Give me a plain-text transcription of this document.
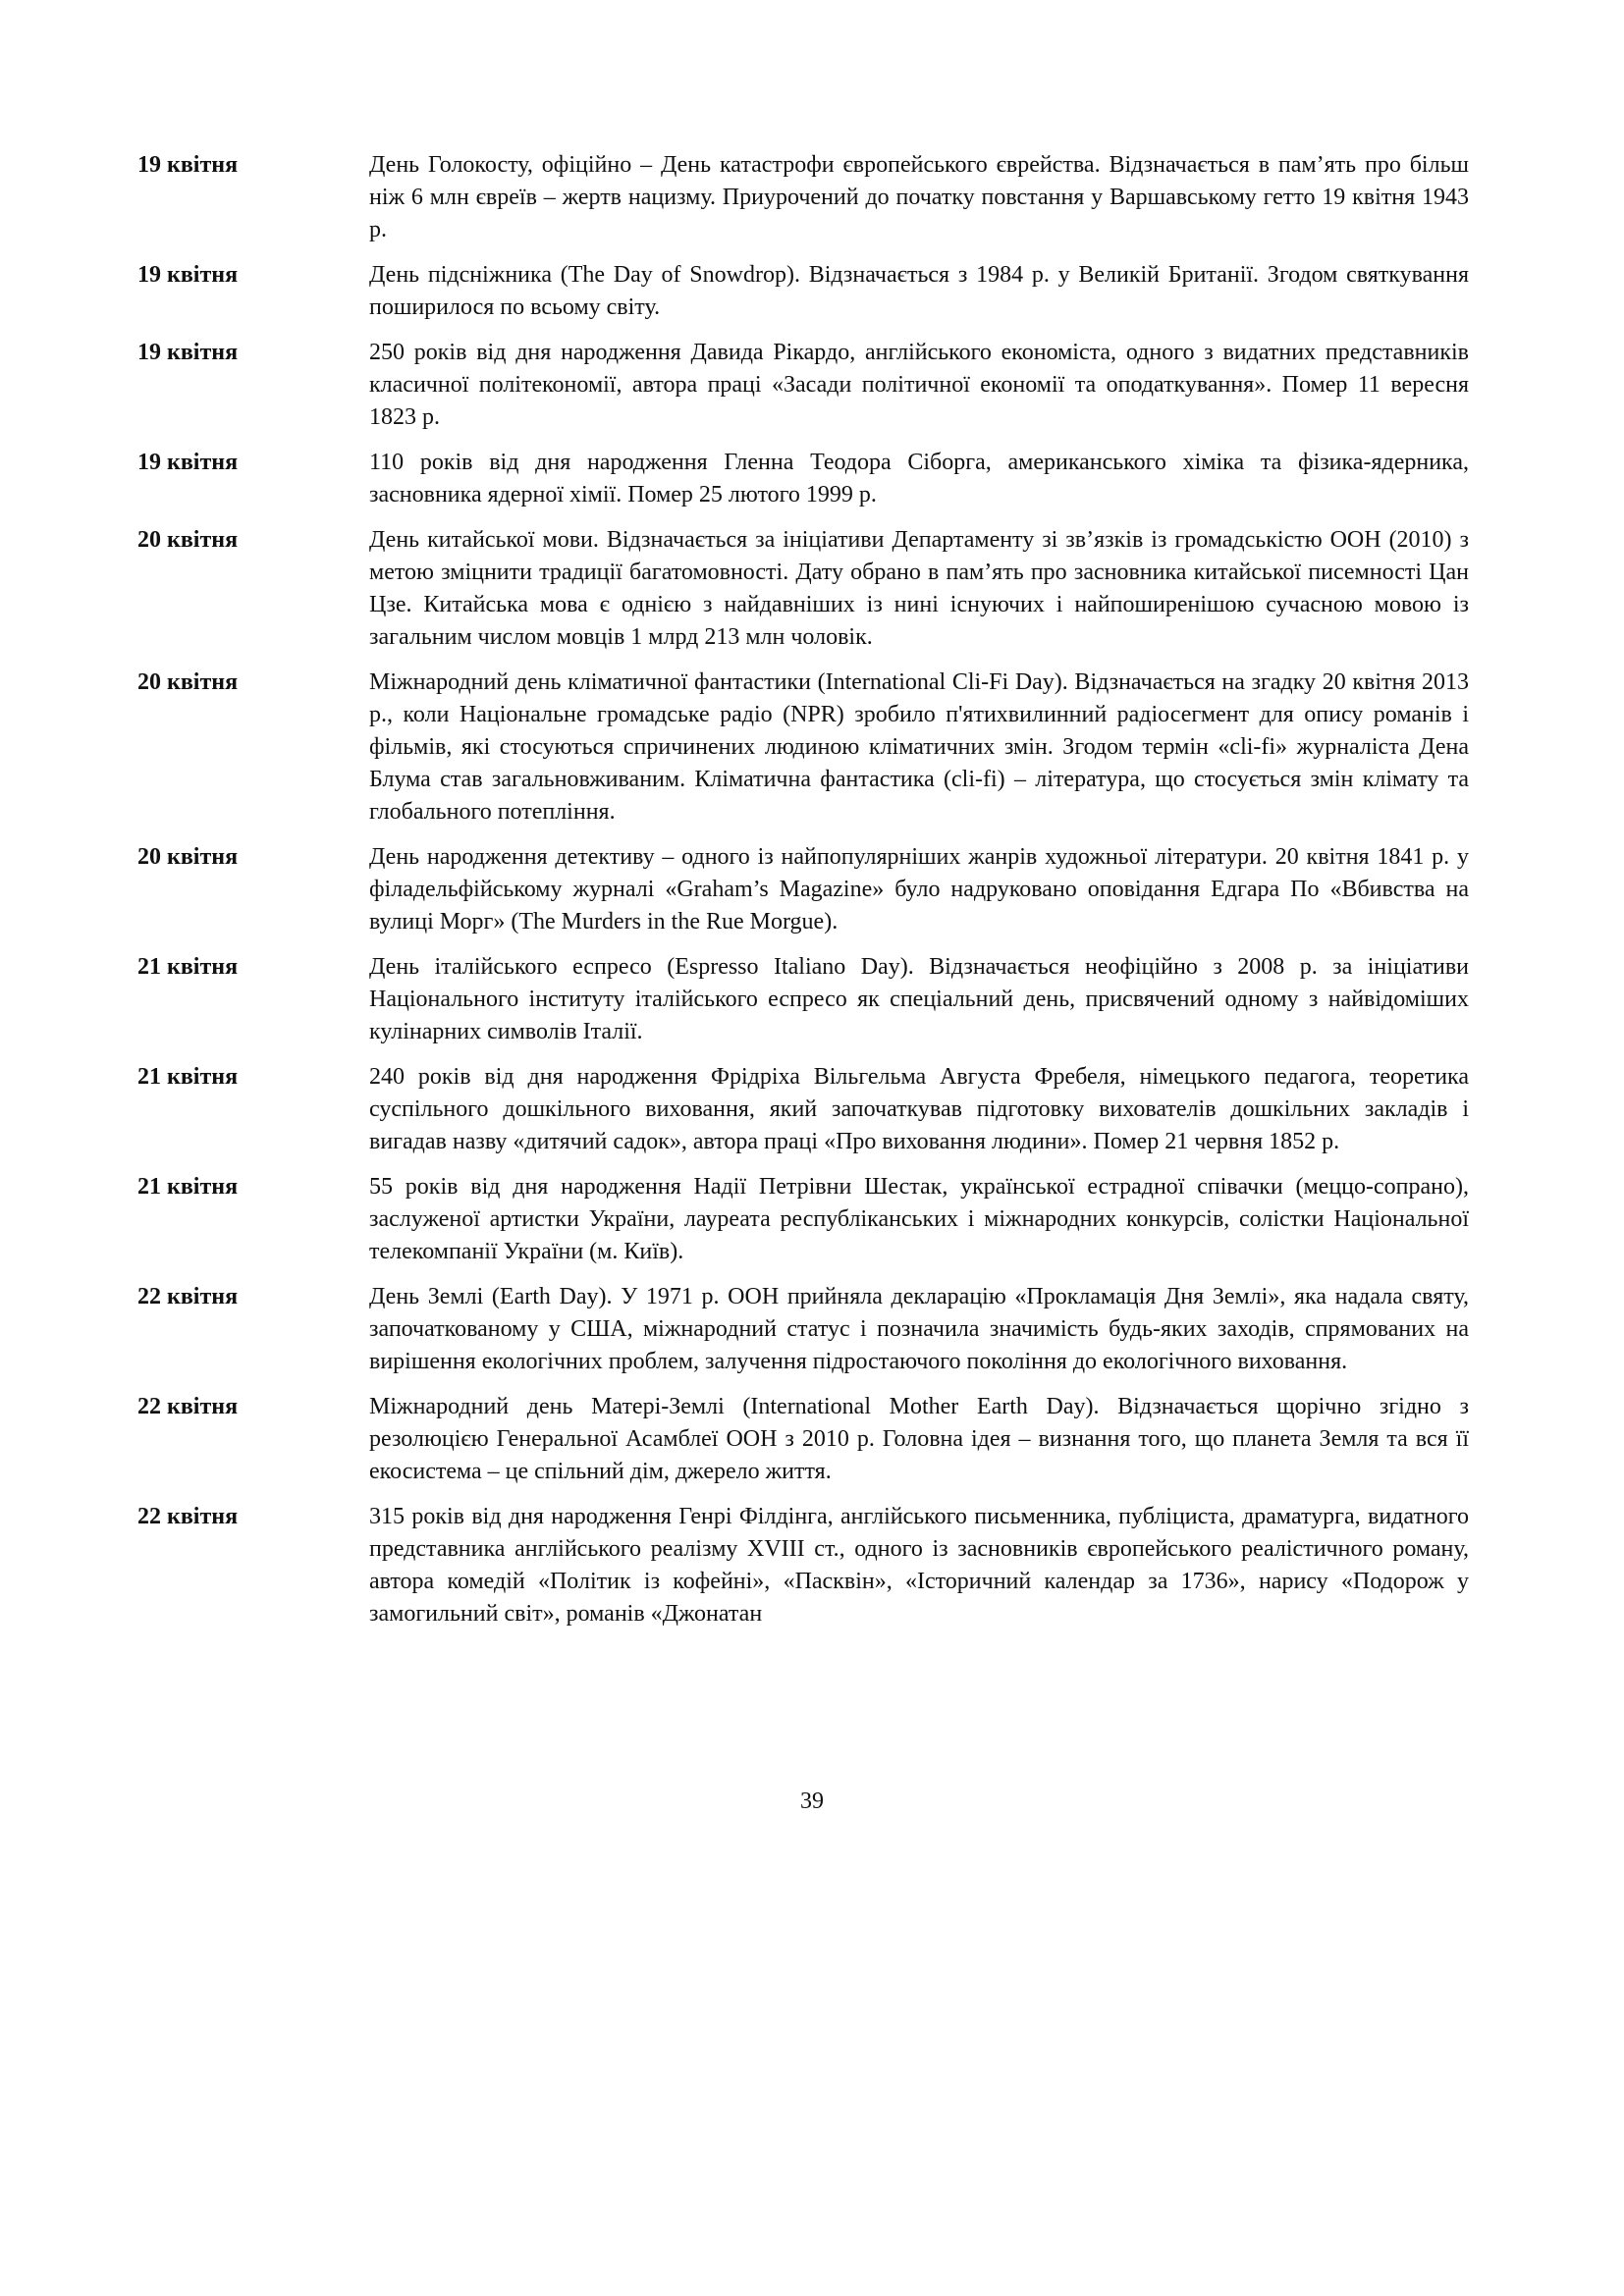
19 квітня	День Голокосту, офіційно – День катастрофи європейського єврейства. Відзначається в пам’ять про більш ніж 6 млн євреїв – жертв нацизму. Приурочений до початку повстання у Варшавському гетто 19 квітня 1943 р.
19 квітня	День підсніжника (The Day of Snowdrop). Відзначається з 1984 р. у Великій Британії. Згодом святкування поширилося по всьому світу.
19 квітня	250 років від дня народження Давида Рікардо, англійського економіста, одного з видатних представників класичної політекономії, автора праці «Засади політичної економії та оподаткування». Помер 11 вересня 1823 р.
19 квітня	110 років від дня народження Гленна Теодора Сіборга, американського хіміка та фізика-ядерника, засновника ядерної хімії. Помер 25 лютого 1999 р.
20 квітня	День китайської мови. Відзначається за ініціативи Департаменту зі зв’язків із громадськістю ООН (2010) з метою зміцнити традиції багатомовності. Дату обрано в пам’ять про засновника китайської писемності Цан Цзе. Китайська мова є однією з найдавніших із нині існуючих і найпоширенішою сучасною мовою із загальним числом мовців 1 млрд 213 млн чоловік.
20 квітня	Міжнародний день кліматичної фантастики (International Cli-Fi Day). Відзначається на згадку 20 квітня 2013 р., коли Національне громадське радіо (NPR) зробило п'ятихвилинний радіосегмент для опису романів і фільмів, які стосуються спричинених людиною кліматичних змін. Згодом термін «cli-fi» журналіста Дена Блума став загальновживаним. Кліматична фантастика (cli-fi) – література, що стосується змін клімату та глобального потепління.
20 квітня	День народження детективу – одного із найпопулярніших жанрів художньої літератури. 20 квітня 1841 р. у філадельфійському журналі «Graham’s Magazine» було надруковано оповідання Едгара По «Вбивства на вулиці Морг» (The Murders in the Rue Morgue).
21 квітня	День італійського еспресо (Espresso Italiano Day). Відзначається неофіційно з 2008 р. за ініціативи Національного інституту італійського еспресо як спеціальний день, присвячений одному з найвідоміших кулінарних символів Італії.
21 квітня	240 років від дня народження Фрідріха Вільгельма Августа Фребеля, німецького педагога, теоретика суспільного дошкільного виховання, який започаткував підготовку вихователів дошкільних закладів і вигадав назву «дитячий садок», автора праці «Про виховання людини». Помер 21 червня 1852 р.
21 квітня	55 років від дня народження Надії Петрівни Шестак, української естрадної співачки (меццо-сопрано), заслуженої артистки України, лауреата республіканських і міжнародних конкурсів, солістки Національної телекомпанії України (м. Київ).
22 квітня	День Землі (Earth Day). У 1971 р. ООН прийняла декларацію «Прокламація Дня Землі», яка надала святу, започаткованому у США, міжнародний статус і позначила значимість будь-яких заходів, спрямованих на вирішення екологічних проблем, залучення підростаючого покоління до екологічного виховання.
22 квітня	Міжнародний день Матері-Землі (International Mother Earth Day). Відзначається щорічно згідно з резолюцією Генеральної Асамблеї ООН з 2010 р. Головна ідея – визнання того, що планета Земля та вся її екосистема – це спільний дім, джерело життя.
22 квітня	315 років від дня народження Генрі Філдінга, англійського письменника, публіциста, драматурга, видатного представника англійського реалізму XVIII ст., одного із засновників європейського реалістичного роману, автора комедій «Політик із кофейні», «Пасквін», «Історичний календар за 1736», нарису «Подорож у замогильний світ», романів «Джонатан
39
